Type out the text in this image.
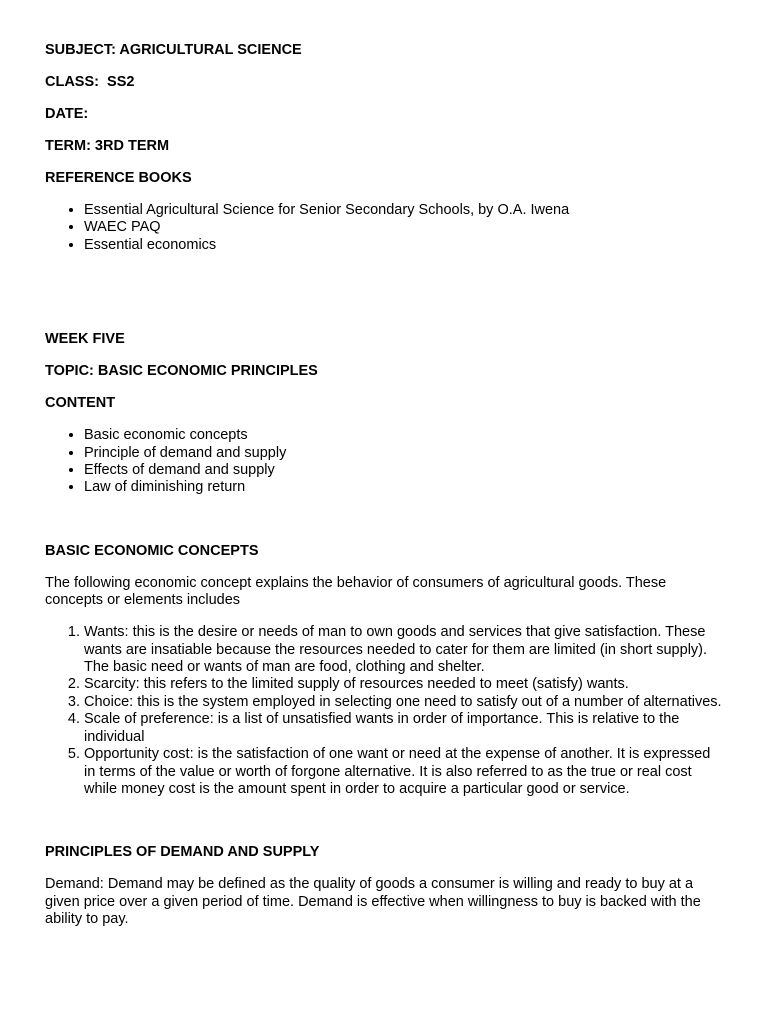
SUBJECT: AGRICULTURAL SCIENCE

CLASS:  SS2

DATE:

TERM: 3RD TERM

REFERENCE BOOKS

• Essential Agricultural Science for Senior Secondary Schools, by O.A. Iwena
• WAEC PAQ
• Essential economics

WEEK FIVE

TOPIC: BASIC ECONOMIC PRINCIPLES

CONTENT

• Basic economic concepts
• Principle of demand and supply
• Effects of demand and supply
• Law of diminishing return

BASIC ECONOMIC CONCEPTS

The following economic concept explains the behavior of consumers of agricultural goods. These concepts or elements includes

1. Wants: this is the desire or needs of man to own goods and services that give satisfaction. These wants are insatiable because the resources needed to cater for them are limited (in short supply). The basic need or wants of man are food, clothing and shelter.
2. Scarcity: this refers to the limited supply of resources needed to meet (satisfy) wants.
3. Choice: this is the system employed in selecting one need to satisfy out of a number of alternatives.
4. Scale of preference: is a list of unsatisfied wants in order of importance. This is relative to the individual
5. Opportunity cost: is the satisfaction of one want or need at the expense of another. It is expressed in terms of the value or worth of forgone alternative. It is also referred to as the true or real cost while money cost is the amount spent in order to acquire a particular good or service.

PRINCIPLES OF DEMAND AND SUPPLY

Demand: Demand may be defined as the quality of goods a consumer is willing and ready to buy at a given price over a given period of time. Demand is effective when willingness to buy is backed with the ability to pay.
